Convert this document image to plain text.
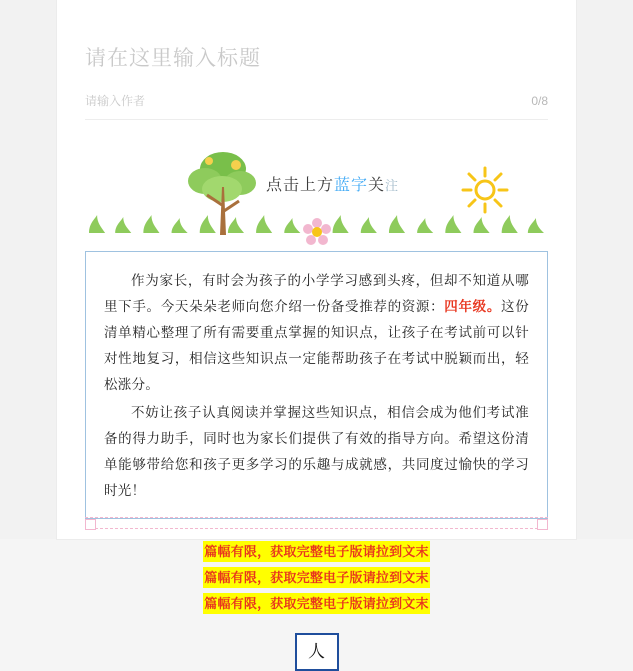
请在这里输入标题
请输入作者	0/8
点击上方蓝字关注

作为家长，有时会为孩子的小学学习感到头疼，但却不知道从哪里下手。今天朵朵老师向您介绍一份备受推荐的资源：四年级。这份清单精心整理了所有需要重点掌握的知识点，让孩子在考试前可以针对性地复习，相信这些知识点一定能帮助孩子在考试中脱颖而出，轻松涨分。

不妨让孩子认真阅读并掌握这些知识点，相信会成为他们考试准备的得力助手，同时也为家长们提供了有效的指导方向。希望这份清单能够带给您和孩子更多学习的乐趣与成就感，共同度过愉快的学习时光！

篇幅有限，获取完整电子版请拉到文末
篇幅有限，获取完整电子版请拉到文末
篇幅有限，获取完整电子版请拉到文末
人
